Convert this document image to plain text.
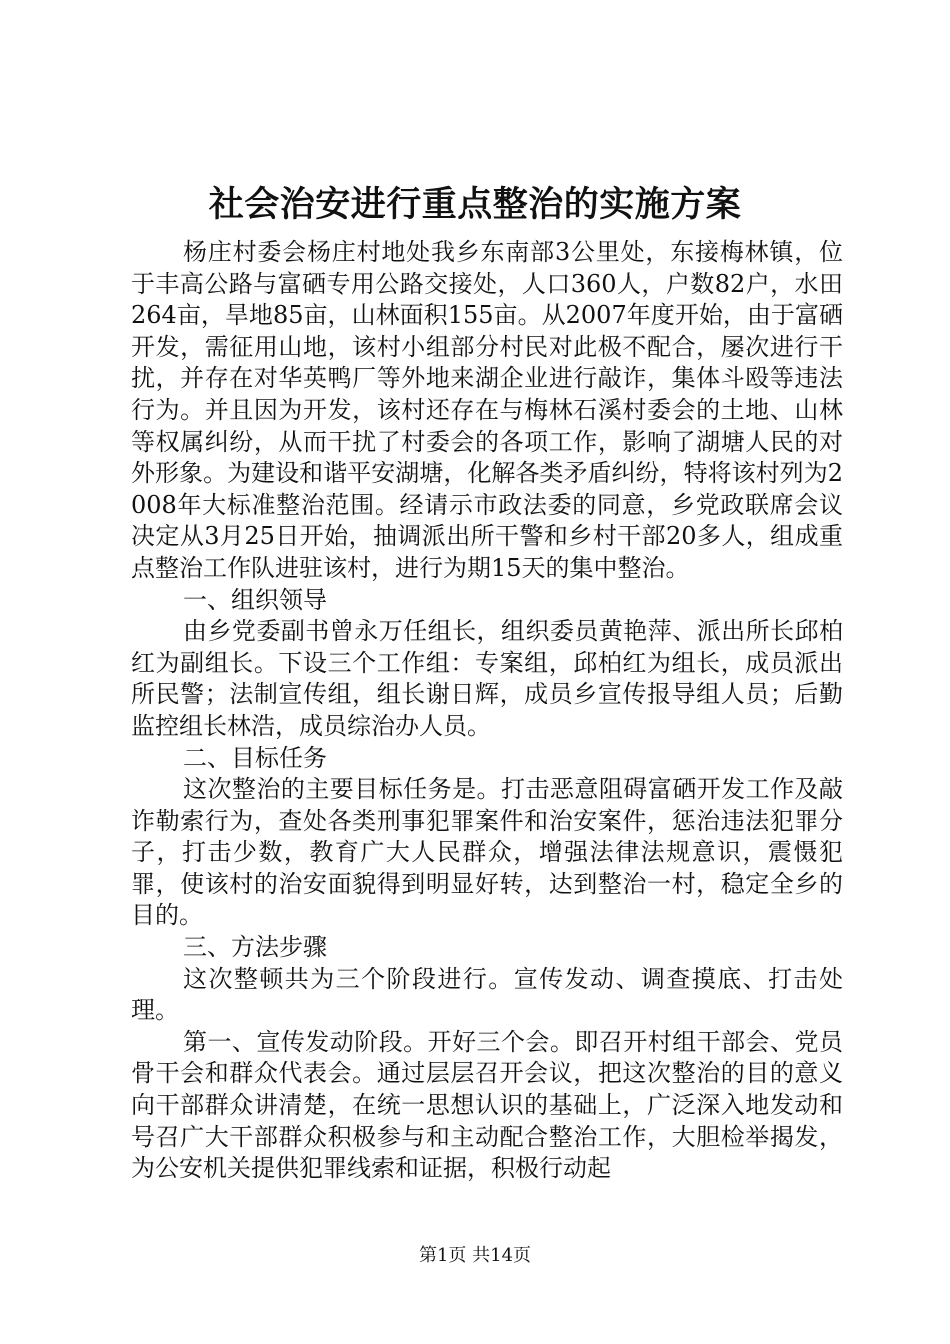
社会治安进行重点整治的实施方案

杨庄村委会杨庄村地处我乡东南部3公里处，东接梅林镇，位于丰高公路与富硒专用公路交接处，人口360人，户数82户，水田264亩，旱地85亩，山林面积155亩。从2007年度开始，由于富硒开发，需征用山地，该村小组部分村民对此极不配合，屡次进行干扰，并存在对华英鸭厂等外地来湖企业进行敲诈，集体斗殴等违法行为。并且因为开发，该村还存在与梅林石溪村委会的土地、山林等权属纠纷，从而干扰了村委会的各项工作，影响了湖塘人民的对外形象。为建设和谐平安湖塘，化解各类矛盾纠纷，特将该村列为2008年大标准整治范围。经请示市政法委的同意，乡党政联席会议决定从3月25日开始，抽调派出所干警和乡村干部20多人，组成重点整治工作队进驻该村，进行为期15天的集中整治。

一、组织领导

由乡党委副书曾永万任组长，组织委员黄艳萍、派出所长邱柏红为副组长。下设三个工作组：专案组，邱柏红为组长，成员派出所民警；法制宣传组，组长谢日辉，成员乡宣传报导组人员；后勤监控组长林浩，成员综治办人员。

二、目标任务

这次整治的主要目标任务是。打击恶意阻碍富硒开发工作及敲诈勒索行为，查处各类刑事犯罪案件和治安案件，惩治违法犯罪分子，打击少数，教育广大人民群众，增强法律法规意识，震慑犯罪，使该村的治安面貌得到明显好转，达到整治一村，稳定全乡的目的。

三、方法步骤

这次整顿共为三个阶段进行。宣传发动、调查摸底、打击处理。

第一、宣传发动阶段。开好三个会。即召开村组干部会、党员骨干会和群众代表会。通过层层召开会议，把这次整治的目的意义向干部群众讲清楚，在统一思想认识的基础上，广泛深入地发动和号召广大干部群众积极参与和主动配合整治工作，大胆检举揭发，为公安机关提供犯罪线索和证据，积极行动起

第1页 共14页
